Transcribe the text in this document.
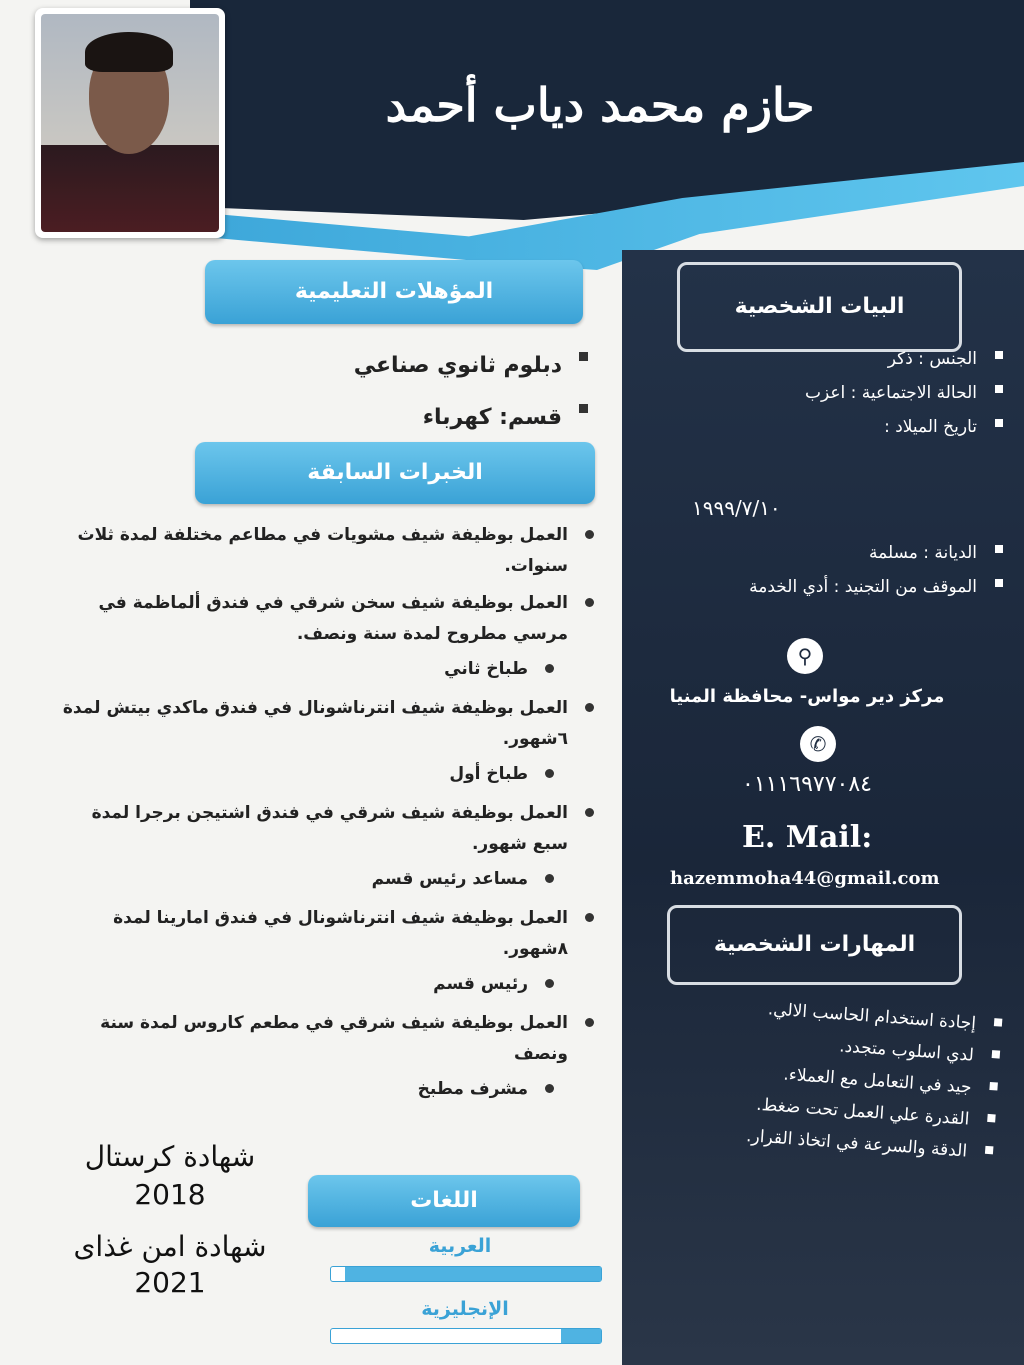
حازم محمد دياب أحمد
البيات الشخصية
الجنس : ذكر
الحالة الاجتماعية : اعزب
تاريخ الميلاد :
١٩٩٩/٧/١٠
الديانة : مسلمة
الموقف من التجنيد : أدي الخدمة
⚲
مركز دير مواس- محافظة المنيا
✆
٠١١١٦٩٧٧٠٨٤
E. Mail:
hazemmoha44@gmail.com
المهارات الشخصية
إجادة استخدام الحاسب الالي.
لدي اسلوب متجدد.
جيد في التعامل مع العملاء.
القدرة علي العمل تحت ضغط.
الدقة والسرعة في اتخاذ القرار.
المؤهلات التعليمية
دبلوم ثانوي صناعي
قسم: كهرباء
الخبرات السابقة
العمل بوظيفة شيف مشويات في مطاعم مختلفة لمدة ثلاث سنوات.
العمل بوظيفة شيف سخن شرقي في فندق ألماظمة في مرسي مطروح لمدة سنة ونصف.
طباخ ثاني
العمل بوظيفة شيف انترناشونال في فندق ماكدي بيتش لمدة ٦شهور.
طباخ أول
العمل بوظيفة شيف شرقي في فندق اشتيجن برجرا لمدة سبع شهور.
مساعد رئيس قسم
العمل بوظيفة شيف انترناشونال في فندق امارينا لمدة ٨شهور.
رئيس قسم
العمل بوظيفة شيف شرقي في مطعم كاروس لمدة سنة ونصف
مشرف مطبخ
شهادة كرستال
2018
شهادة امن غذاى
2021
اللغات
العربية
الإنجليزية
